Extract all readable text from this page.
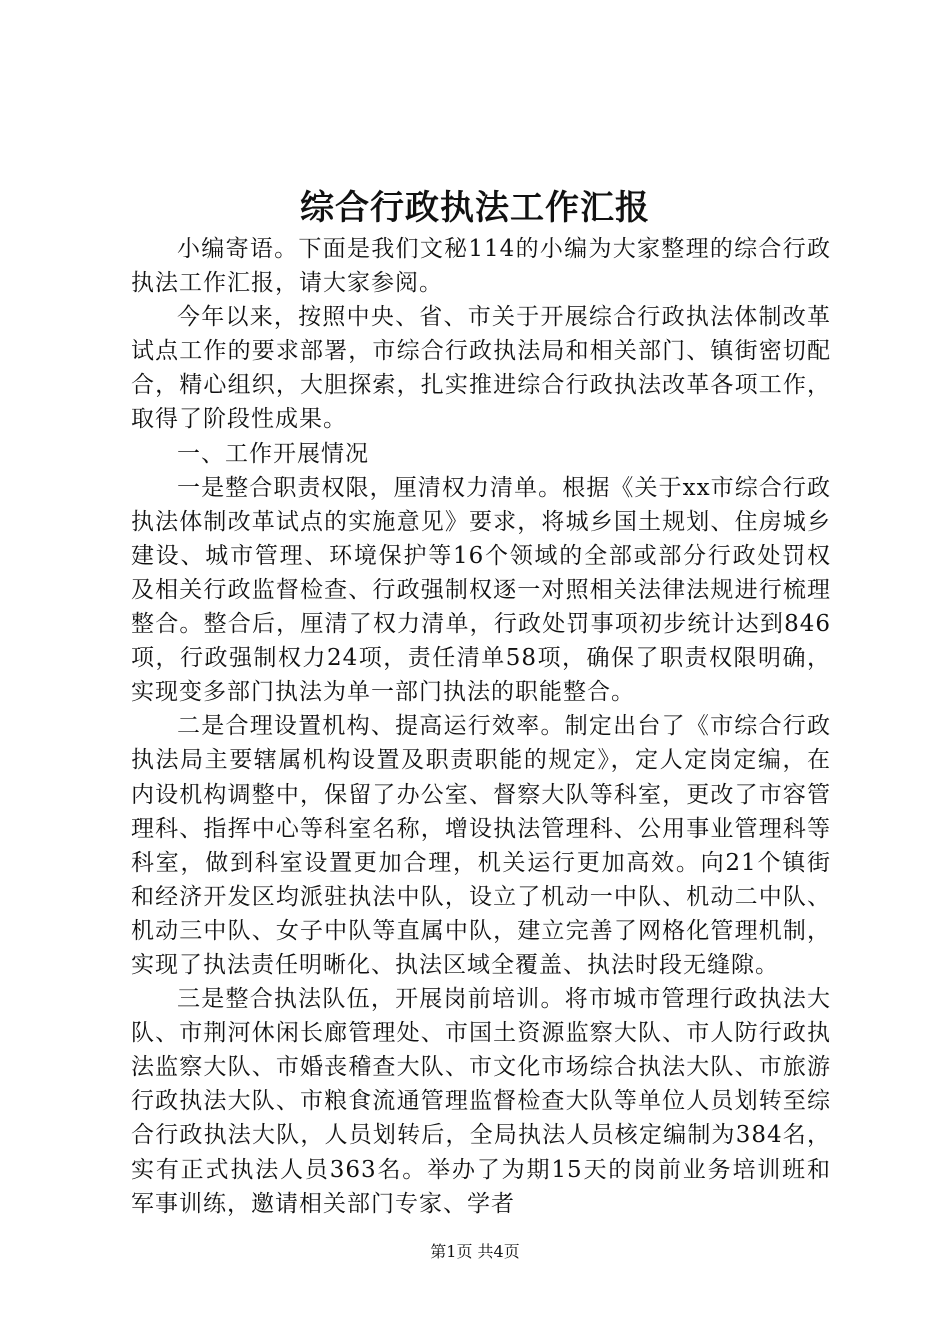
综合行政执法工作汇报

小编寄语。下面是我们文秘114的小编为大家整理的综合行政执法工作汇报，请大家参阅。

今年以来，按照中央、省、市关于开展综合行政执法体制改革试点工作的要求部署，市综合行政执法局和相关部门、镇街密切配合，精心组织，大胆探索，扎实推进综合行政执法改革各项工作，取得了阶段性成果。

一、工作开展情况

一是整合职责权限，厘清权力清单。根据《关于xx市综合行政执法体制改革试点的实施意见》要求，将城乡国土规划、住房城乡建设、城市管理、环境保护等16个领域的全部或部分行政处罚权及相关行政监督检查、行政强制权逐一对照相关法律法规进行梳理整合。整合后，厘清了权力清单，行政处罚事项初步统计达到846项，行政强制权力24项，责任清单58项，确保了职责权限明确，实现变多部门执法为单一部门执法的职能整合。

二是合理设置机构、提高运行效率。制定出台了《市综合行政执法局主要辖属机构设置及职责职能的规定》，定人定岗定编，在内设机构调整中，保留了办公室、督察大队等科室，更改了市容管理科、指挥中心等科室名称，增设执法管理科、公用事业管理科等科室，做到科室设置更加合理，机关运行更加高效。向21个镇街和经济开发区均派驻执法中队，设立了机动一中队、机动二中队、机动三中队、女子中队等直属中队，建立完善了网格化管理机制，实现了执法责任明晰化、执法区域全覆盖、执法时段无缝隙。

三是整合执法队伍，开展岗前培训。将市城市管理行政执法大队、市荆河休闲长廊管理处、市国土资源监察大队、市人防行政执法监察大队、市婚丧稽查大队、市文化市场综合执法大队、市旅游行政执法大队、市粮食流通管理监督检查大队等单位人员划转至综合行政执法大队，人员划转后，全局执法人员核定编制为384名，实有正式执法人员363名。举办了为期15天的岗前业务培训班和军事训练，邀请相关部门专家、学者

第1页 共4页
